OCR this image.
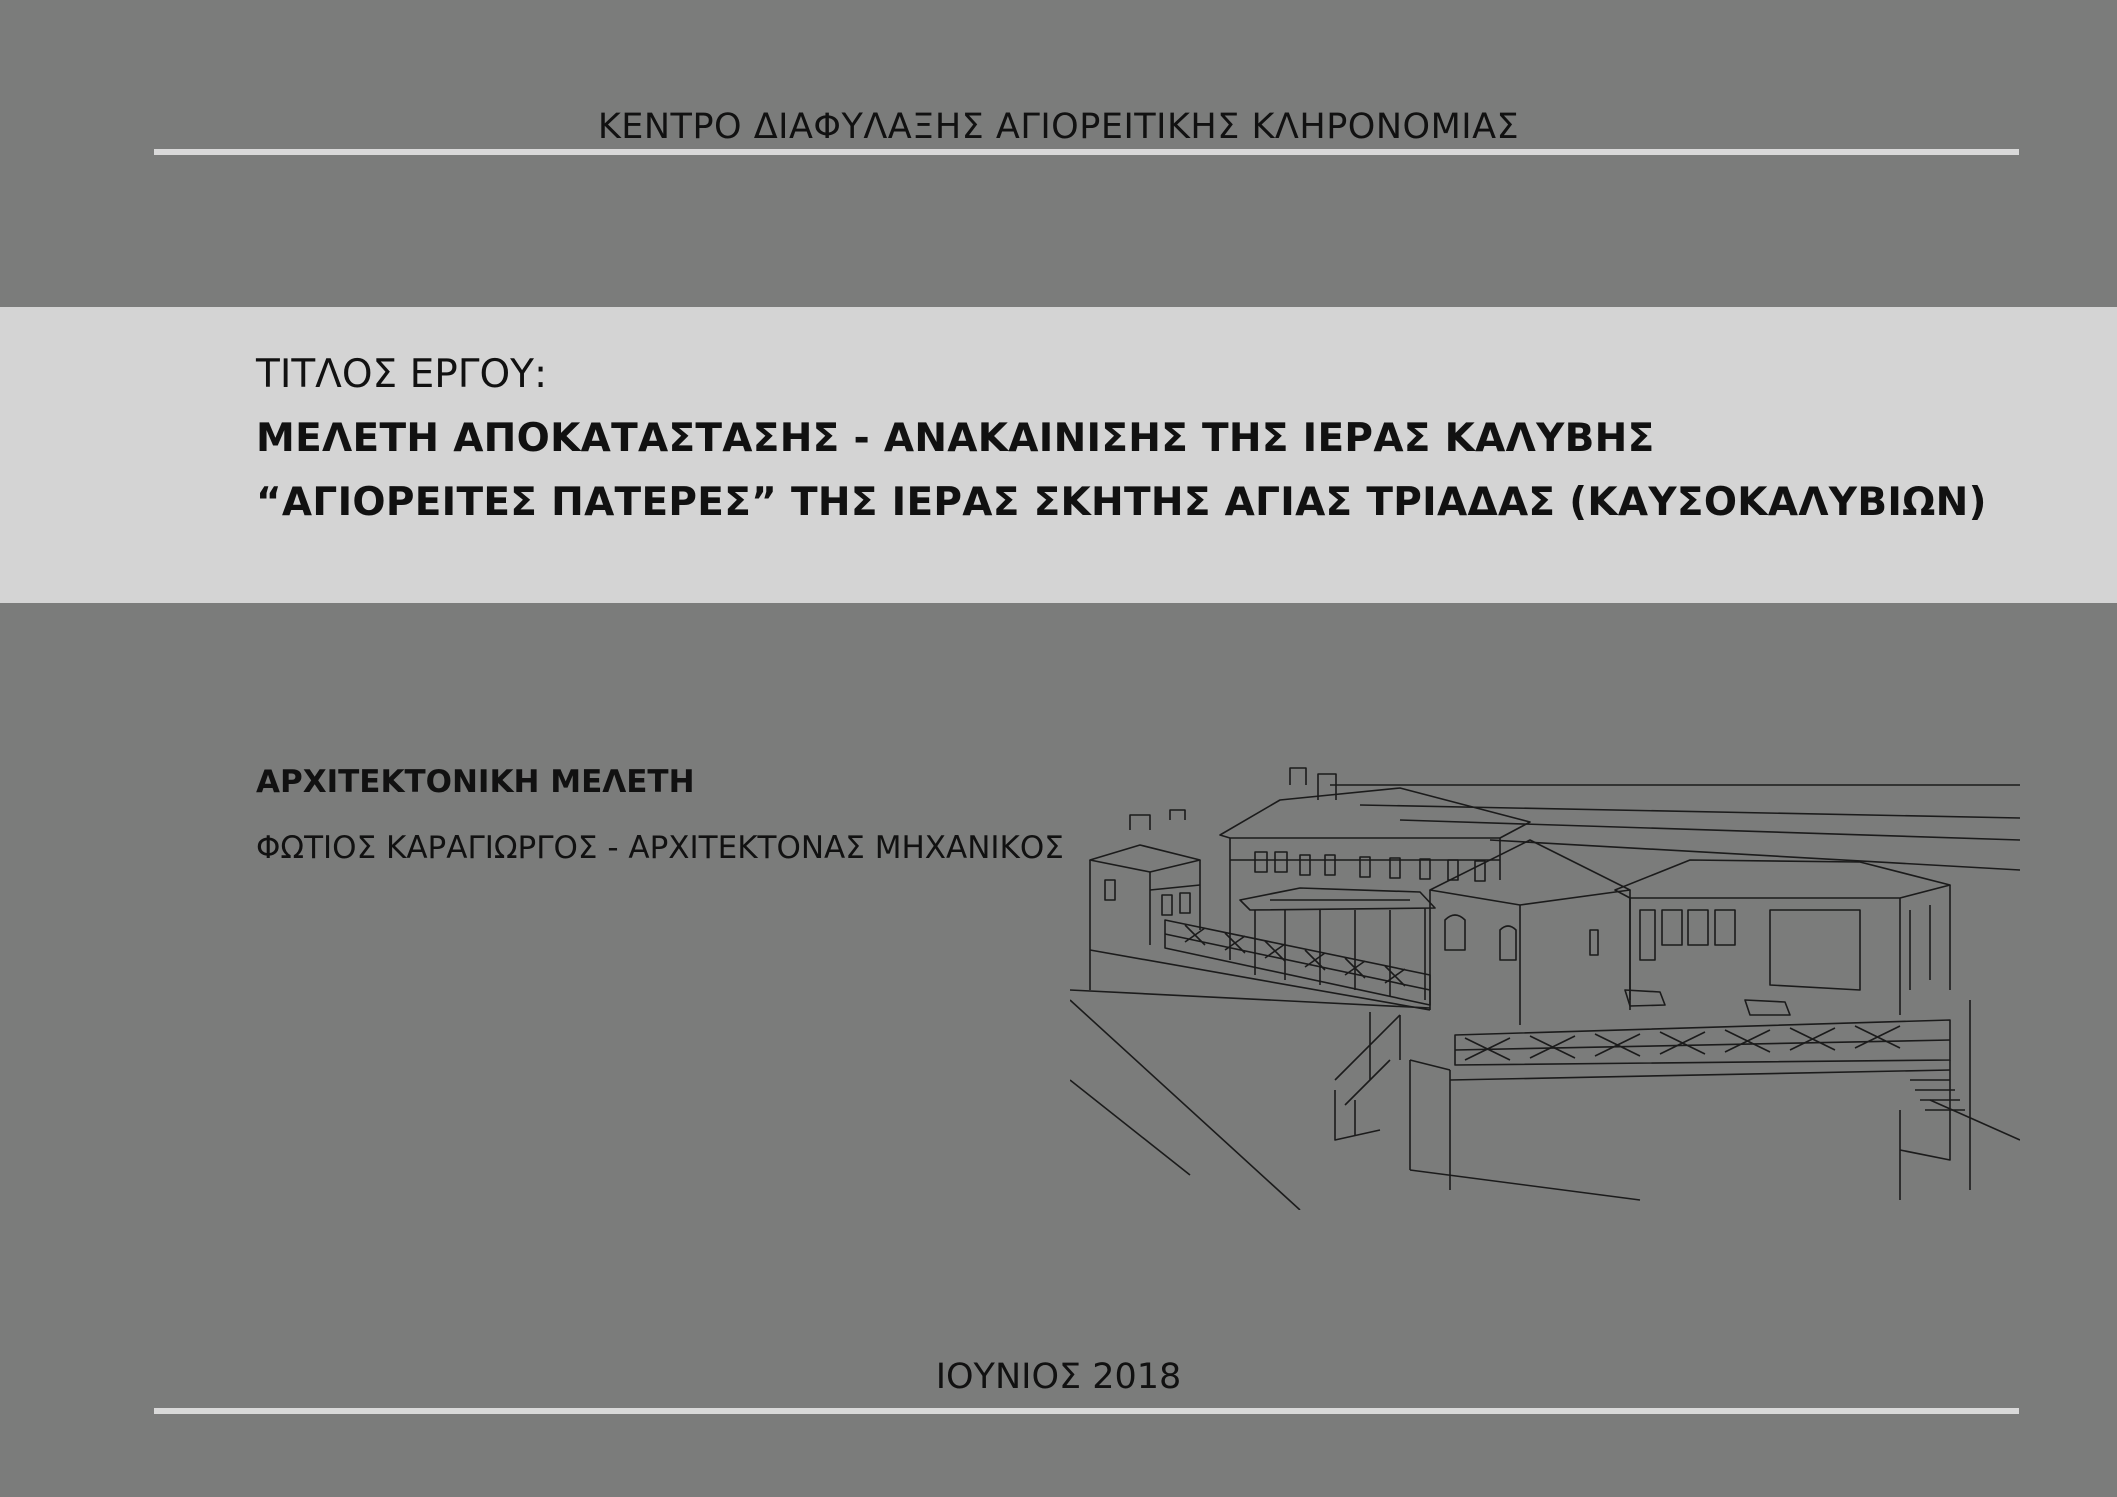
ΚΕΝΤΡΟ ΔΙΑΦΥΛΑΞΗΣ ΑΓΙΟΡΕΙΤΙΚΗΣ ΚΛΗΡΟΝΟΜΙΑΣ
ΤΙΤΛΟΣ ΕΡΓΟΥ:
ΜΕΛΕΤΗ ΑΠΟΚΑΤΑΣΤΑΣΗΣ - ΑΝΑΚΑΙΝΙΣΗΣ ΤΗΣ ΙΕΡΑΣ ΚΑΛΥΒΗΣ
“ΑΓΙΟΡΕΙΤΕΣ ΠΑΤΕΡΕΣ” ΤΗΣ ΙΕΡΑΣ ΣΚΗΤΗΣ ΑΓΙΑΣ ΤΡΙΑΔΑΣ (ΚΑΥΣΟΚΑΛΥΒΙΩΝ)
ΑΡΧΙΤΕΚΤΟΝΙΚΗ ΜΕΛΕΤΗ
ΦΩΤΙΟΣ ΚΑΡΑΓΙΩΡΓΟΣ - ΑΡΧΙΤΕΚΤΟΝΑΣ ΜΗΧΑΝΙΚΟΣ
ΙΟΥΝΙΟΣ 2018
